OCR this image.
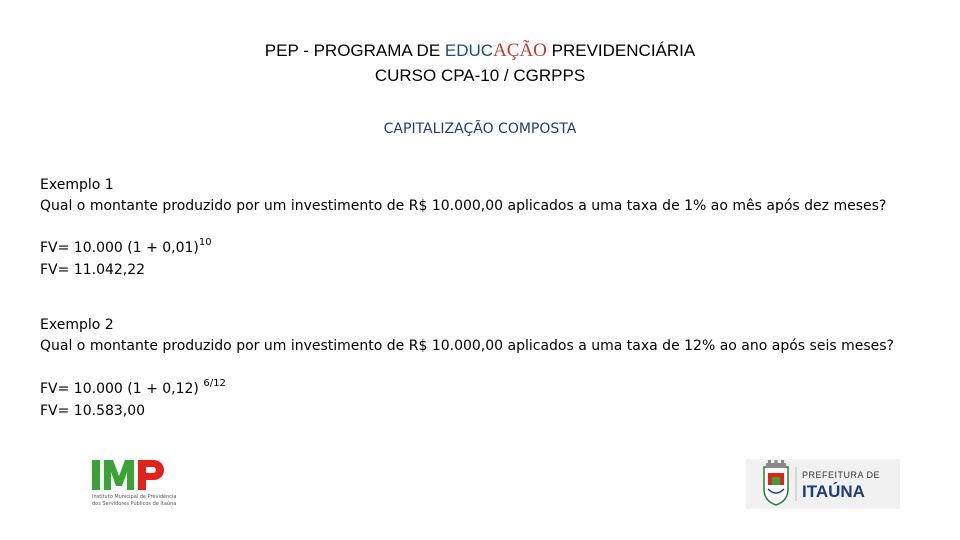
PEP - PROGRAMA DE EDUCAÇÃO PREVIDENCIÁRIA
CURSO CPA-10 / CGRPPS
CAPITALIZAÇÃO COMPOSTA

Exemplo 1

Qual o montante produzido por um investimento de R$ 10.000,00 aplicados a uma taxa de 1% ao mês após dez meses?

FV= 10.000 $(1 + 0,01)^{10}$

FV= 11.042,22

Exemplo 2

Qual o montante produzido por um investimento de R$ 10.000,00 aplicados a uma taxa de 12% ao ano após seis meses?

FV= 10.000 (1 + 0,12) $^{6/12}$

FV= 10.583,00

Instituto Municipal de Previdência
dos Servidores Públicos de Itaúna
PREFEITURA DE
ITAÚNA
